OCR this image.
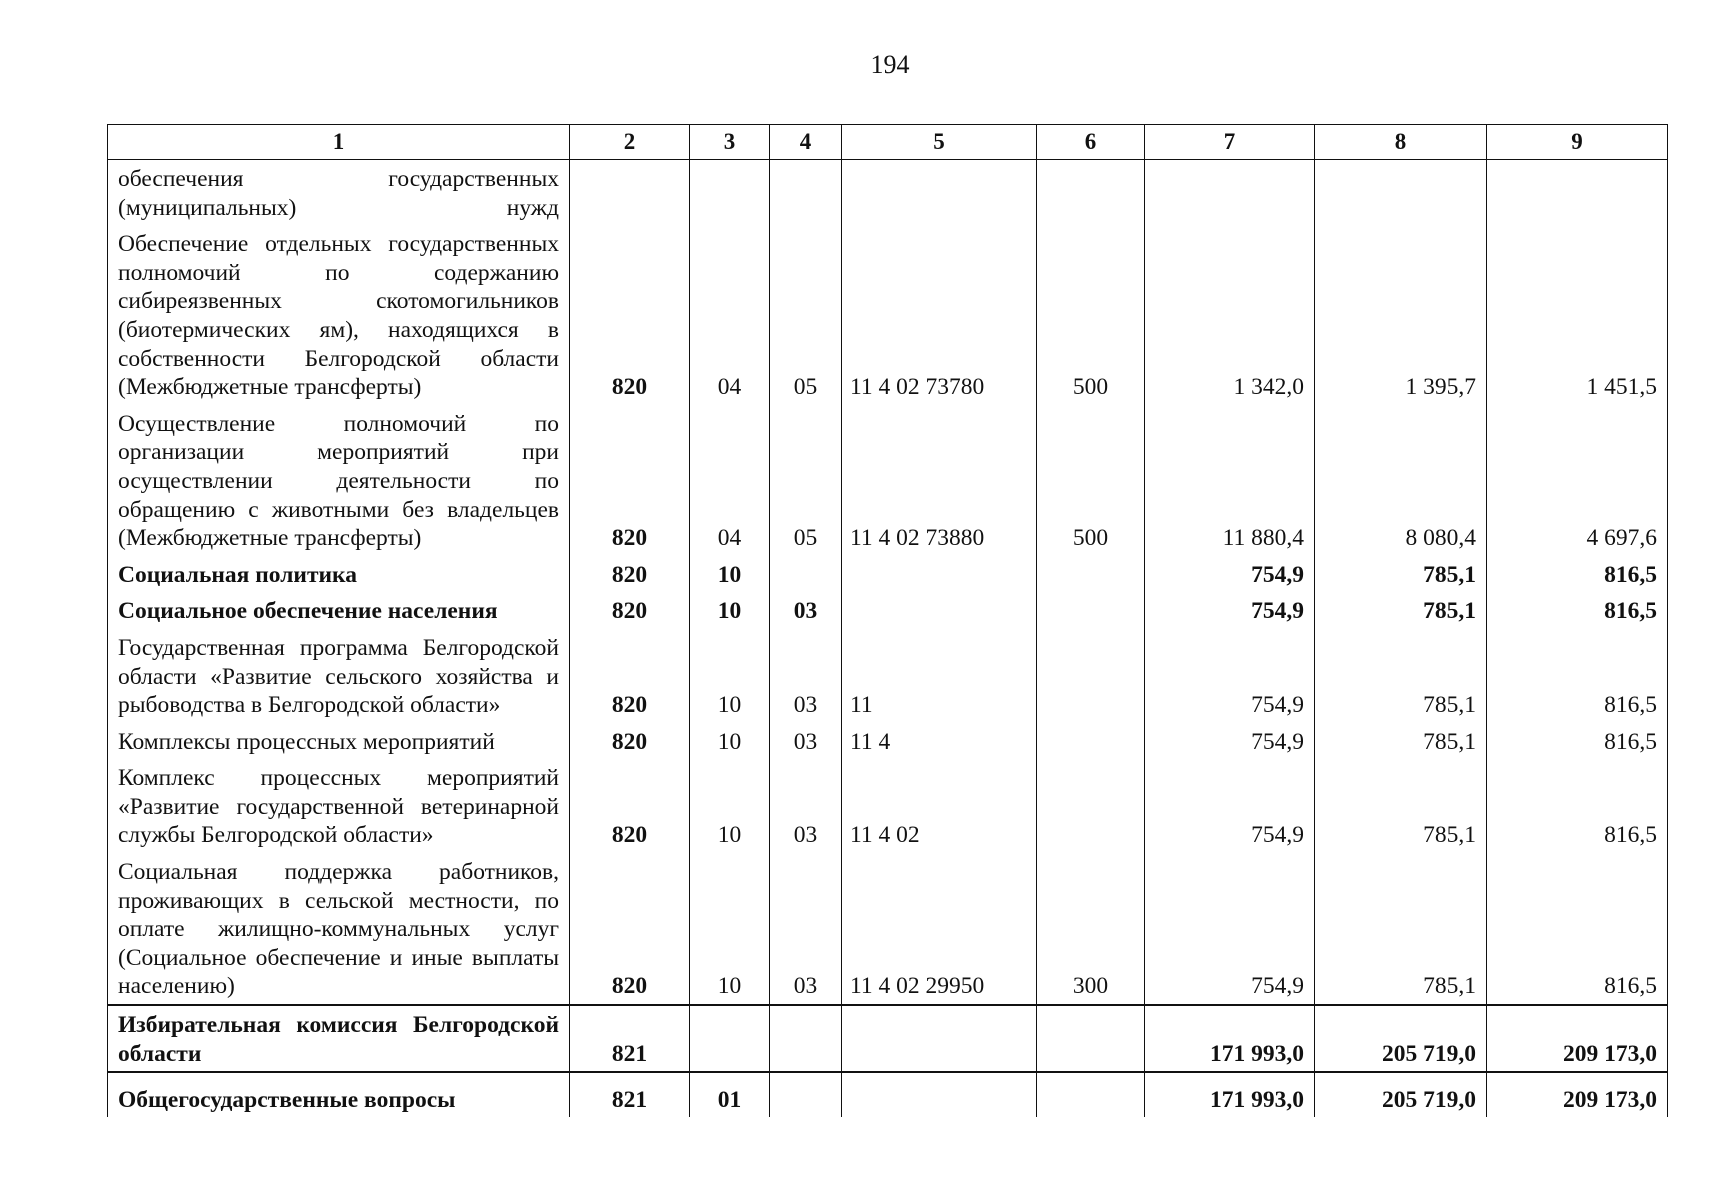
194
1	2	3	4	5	6	7	8	9
обеспечения государственных (муниципальных) нужд								
Обеспечение отдельных государственных полномочий по содержанию сибиреязвенных скотомогильников (биотермических ям), находящихся в собственности Белгородской области (Межбюджетные трансферты)	820	04	05	11 4 02 73780	500	1 342,0	1 395,7	1 451,5
Осуществление полномочий по организации мероприятий при осуществлении деятельности по обращению с животными без владельцев (Межбюджетные трансферты)	820	04	05	11 4 02 73880	500	11 880,4	8 080,4	4 697,6
Социальная политика	820	10				754,9	785,1	816,5
Социальное обеспечение населения	820	10	03			754,9	785,1	816,5
Государственная программа Белгородской области «Развитие сельского хозяйства и рыбоводства в Белгородской области»	820	10	03	11		754,9	785,1	816,5
Комплексы процессных мероприятий	820	10	03	11 4		754,9	785,1	816,5
Комплекс процессных мероприятий «Развитие государственной ветеринарной службы Белгородской области»	820	10	03	11 4 02		754,9	785,1	816,5
Социальная поддержка работников, проживающих в сельской местности, по оплате жилищно-коммунальных услуг (Социальное обеспечение и иные выплаты населению)	820	10	03	11 4 02 29950	300	754,9	785,1	816,5
Избирательная комиссия Белгородской области	821					171 993,0	205 719,0	209 173,0
Общегосударственные вопросы	821	01				171 993,0	205 719,0	209 173,0
